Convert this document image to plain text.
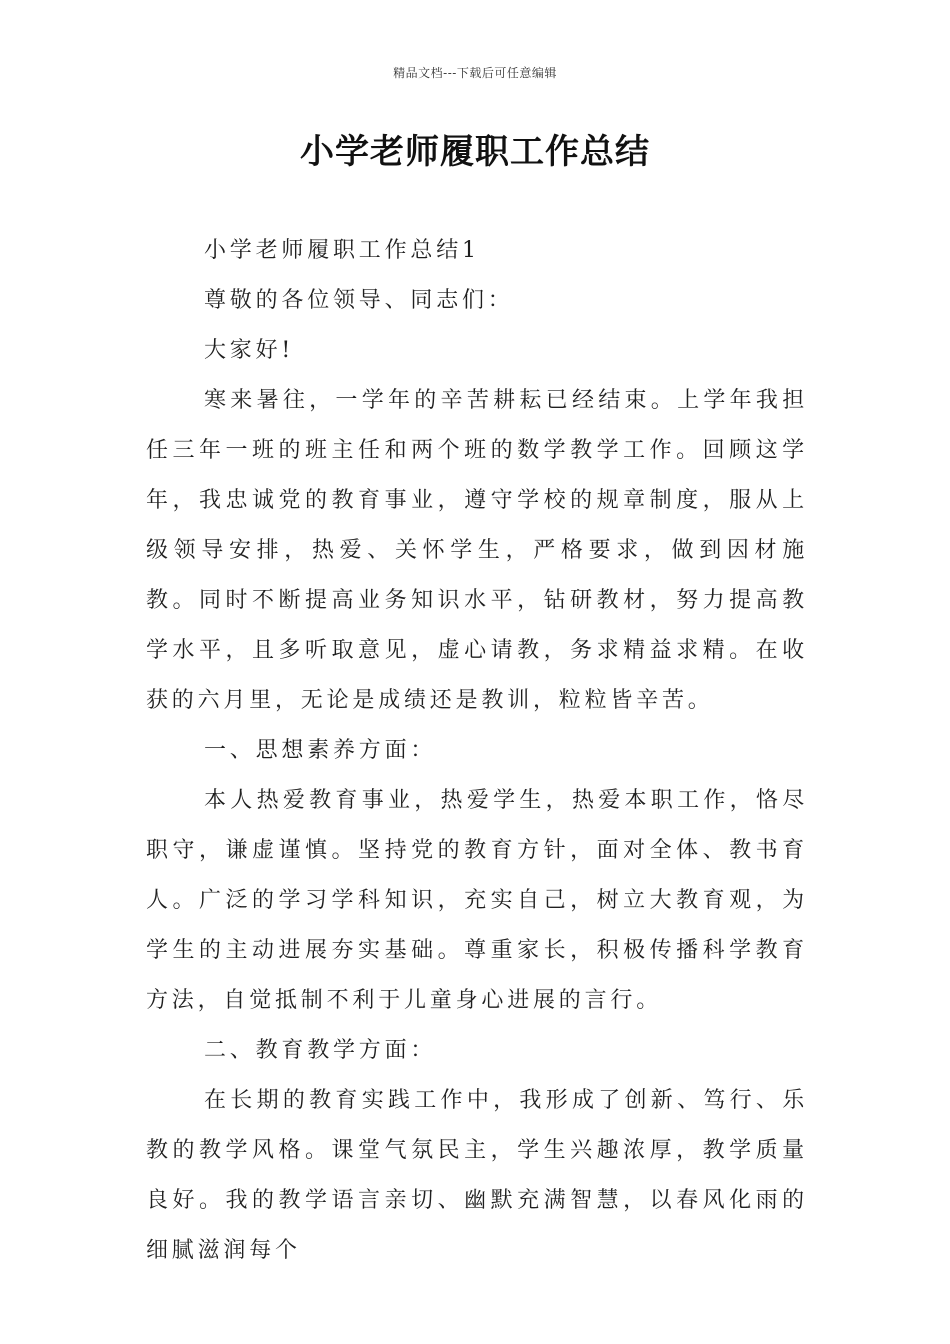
精品文档---下载后可任意编辑
小学老师履职工作总结

小学老师履职工作总结1

尊敬的各位领导、同志们：

大家好!

寒来暑往，一学年的辛苦耕耘已经结束。上学年我担任三年一班的班主任和两个班的数学教学工作。回顾这学年，我忠诚党的教育事业，遵守学校的规章制度，服从上级领导安排，热爱、关怀学生，严格要求，做到因材施教。同时不断提高业务知识水平，钻研教材，努力提高教学水平，且多听取意见，虚心请教，务求精益求精。在收获的六月里，无论是成绩还是教训，粒粒皆辛苦。

一、思想素养方面：

本人热爱教育事业，热爱学生，热爱本职工作，恪尽职守，谦虚谨慎。坚持党的教育方针，面对全体、教书育人。广泛的学习学科知识，充实自己，树立大教育观，为学生的主动进展夯实基础。尊重家长，积极传播科学教育方法，自觉抵制不利于儿童身心进展的言行。

二、教育教学方面：

在长期的教育实践工作中，我形成了创新、笃行、乐教的教学风格。课堂气氛民主，学生兴趣浓厚，教学质量良好。我的教学语言亲切、幽默充满智慧，以春风化雨的细腻滋润每个
